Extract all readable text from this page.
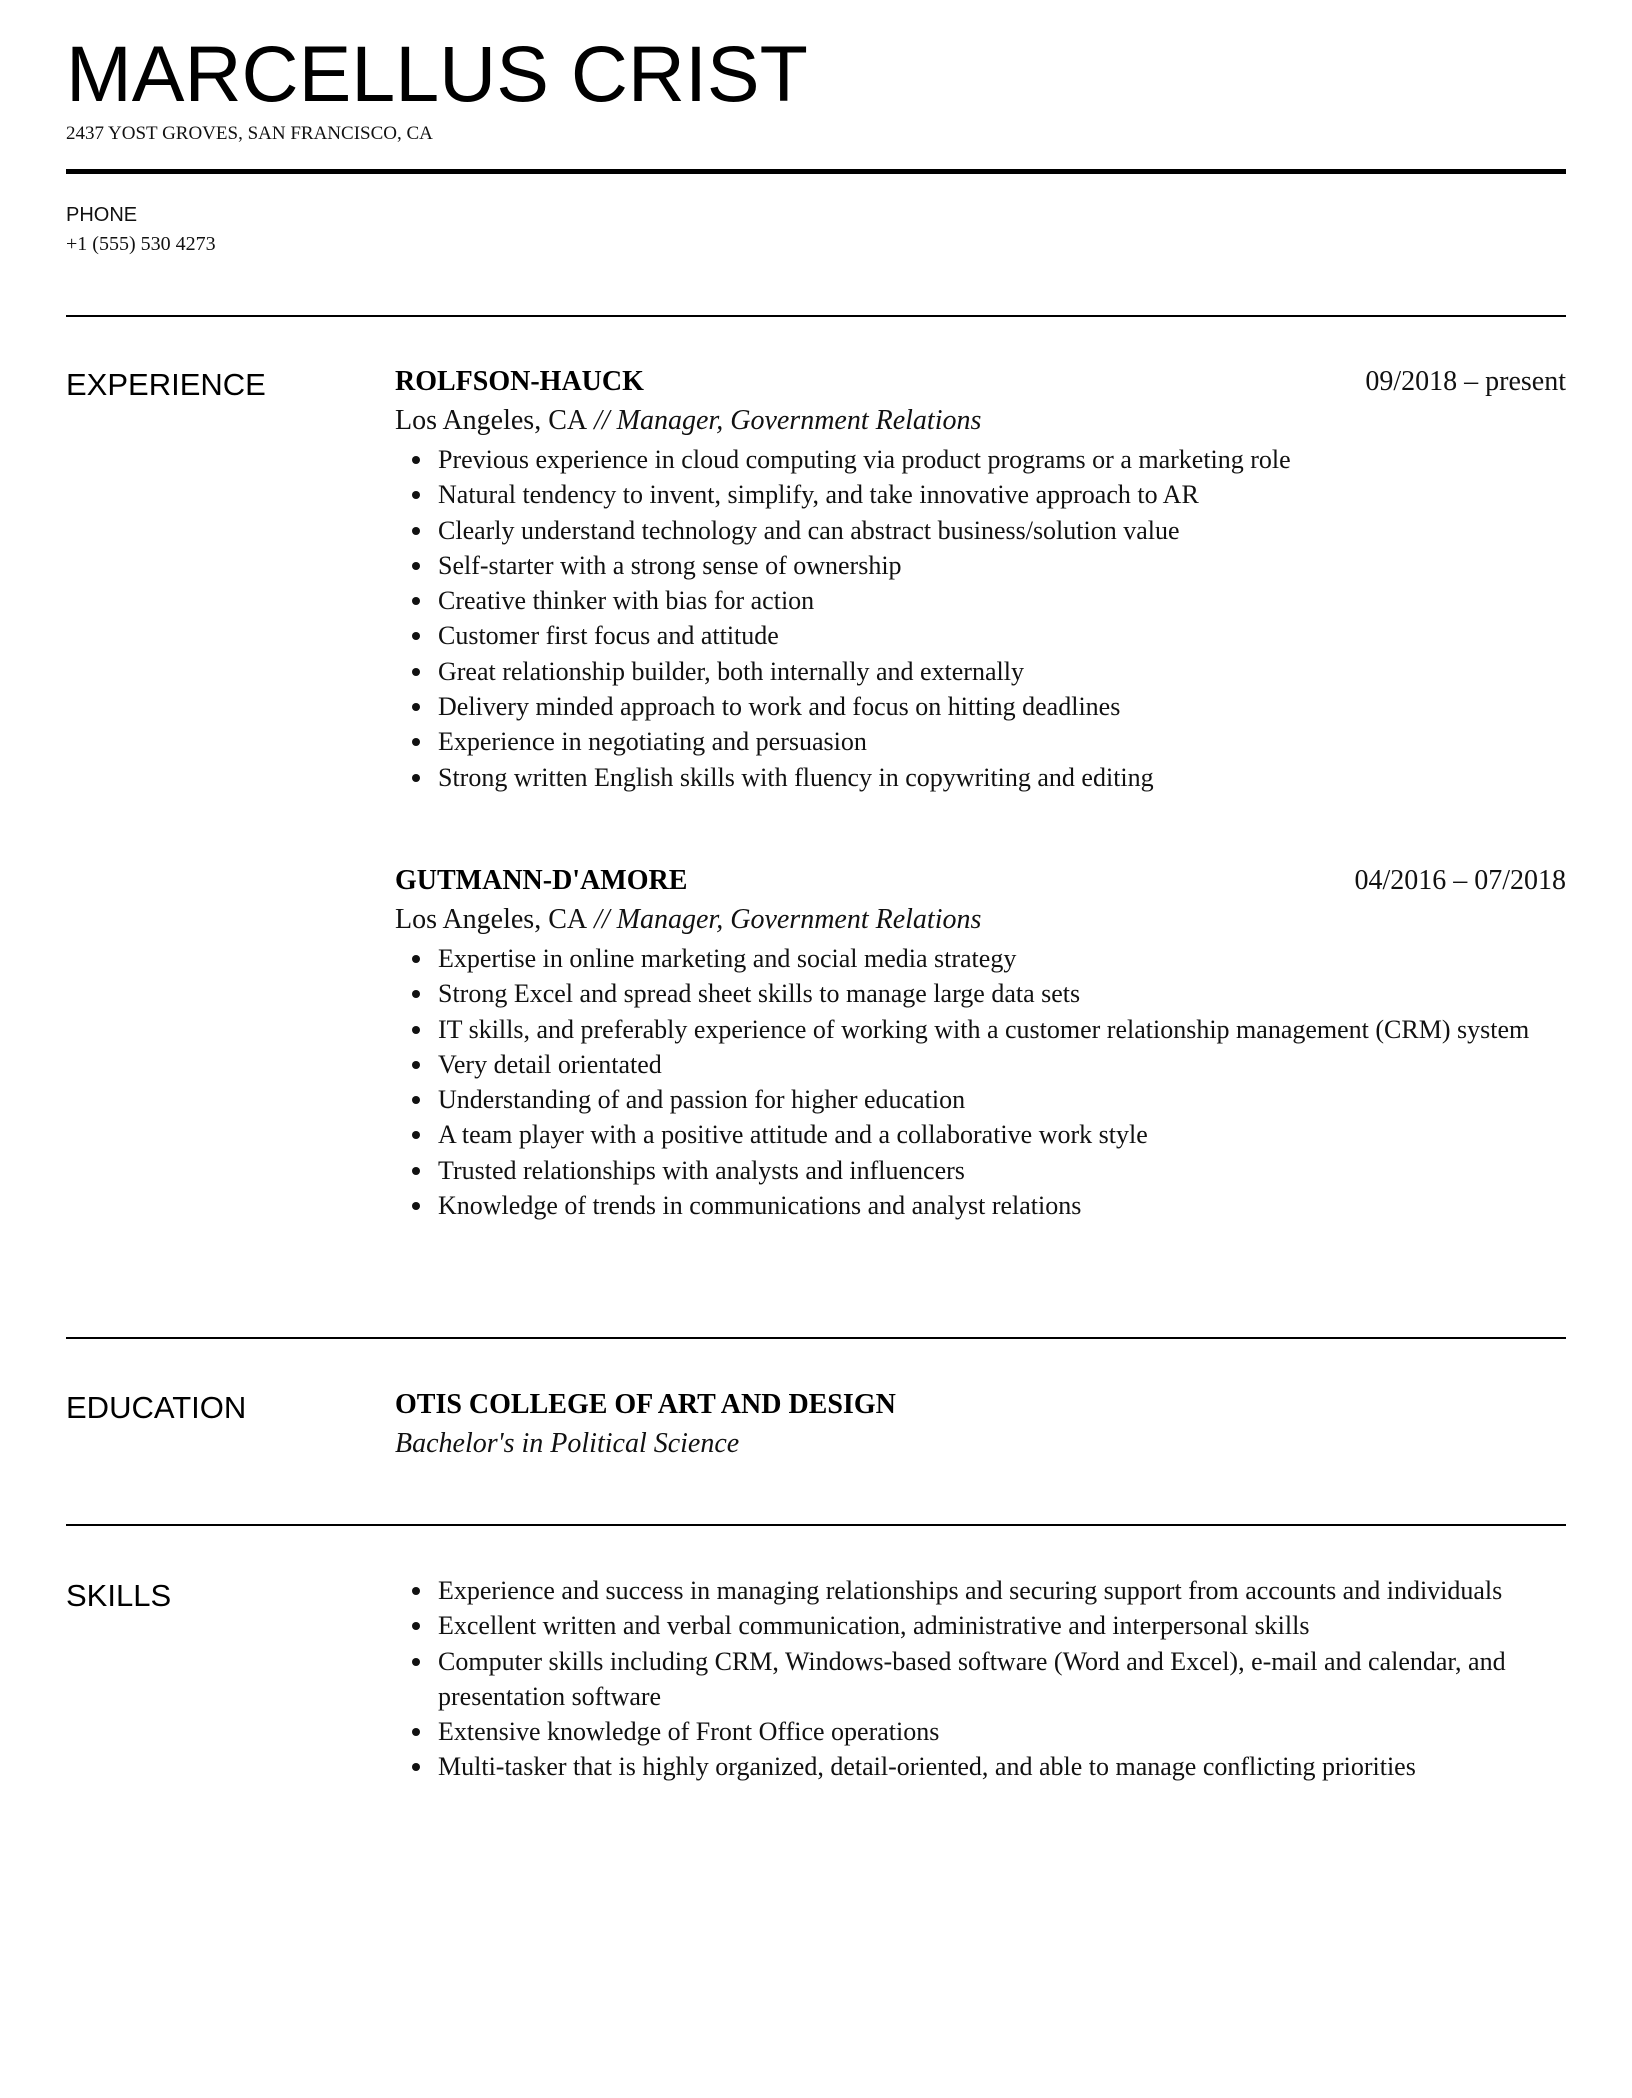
MARCELLUS CRIST
2437 YOST GROVES, SAN FRANCISCO, CA
PHONE
+1 (555) 530 4273
EXPERIENCE	ROLFSON-HAUCK	09/2018 – present
Los Angeles, CA // Manager, Government Relations
Previous experience in cloud computing via product programs or a marketing role
Natural tendency to invent, simplify, and take innovative approach to AR
Clearly understand technology and can abstract business/solution value
Self-starter with a strong sense of ownership
Creative thinker with bias for action
Customer first focus and attitude
Great relationship builder, both internally and externally
Delivery minded approach to work and focus on hitting deadlines
Experience in negotiating and persuasion
Strong written English skills with fluency in copywriting and editing
GUTMANN-D'AMORE	04/2016 – 07/2018
Los Angeles, CA // Manager, Government Relations
Expertise in online marketing and social media strategy
Strong Excel and spread sheet skills to manage large data sets
IT skills, and preferably experience of working with a customer relationship management (CRM) system
Very detail orientated
Understanding of and passion for higher education
A team player with a positive attitude and a collaborative work style
Trusted relationships with analysts and influencers
Knowledge of trends in communications and analyst relations
EDUCATION	OTIS COLLEGE OF ART AND DESIGN
Bachelor's in Political Science
SKILLS	Experience and success in managing relationships and securing support from accounts and individuals
Excellent written and verbal communication, administrative and interpersonal skills
Computer skills including CRM, Windows-based software (Word and Excel), e-mail and calendar, and presentation software
Extensive knowledge of Front Office operations
Multi-tasker that is highly organized, detail-oriented, and able to manage conflicting priorities
